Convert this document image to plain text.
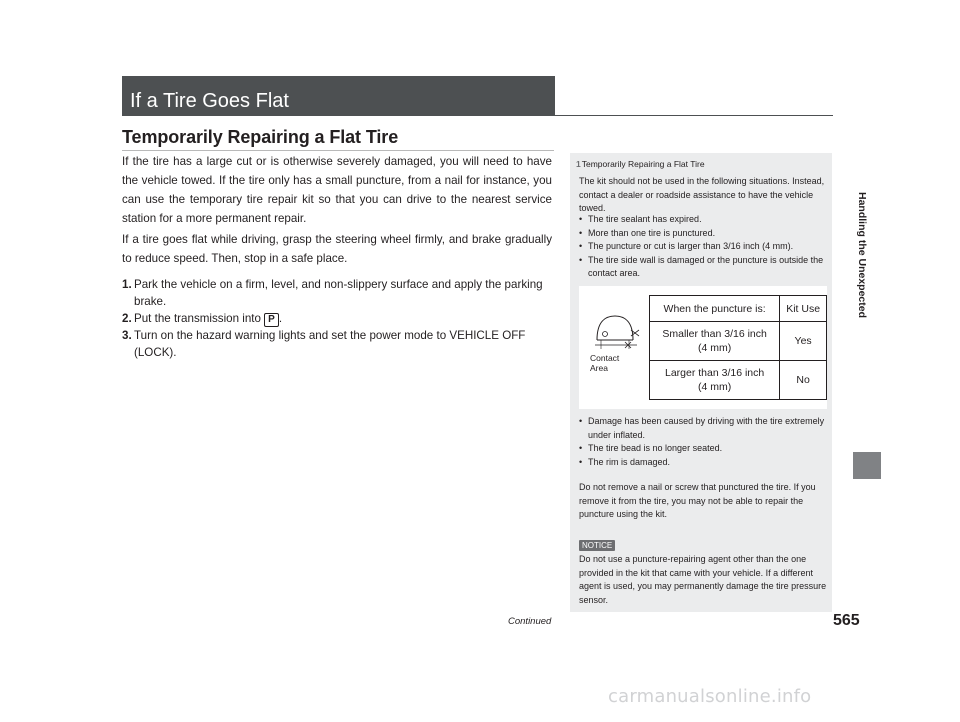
If a Tire Goes Flat
Temporarily Repairing a Flat Tire

If the tire has a large cut or is otherwise severely damaged, you will need to have the vehicle towed. If the tire only has a small puncture, from a nail for instance, you can use the temporary tire repair kit so that you can drive to the nearest service station for a more permanent repair.

If a tire goes flat while driving, grasp the steering wheel firmly, and brake gradually to reduce speed. Then, stop in a safe place.

1. Park the vehicle on a firm, level, and non-slippery surface and apply the parking brake.
2. Put the transmission into P .
3. Turn on the hazard warning lights and set the power mode to VEHICLE OFF (LOCK).
1Temporarily Repairing a Flat Tire

The kit should not be used in the following situations. Instead, contact a dealer or roadside assistance to have the vehicle towed.

• The tire sealant has expired.
• More than one tire is punctured.
• The puncture or cut is larger than 3/16 inch (4 mm).
• The tire side wall is damaged or the puncture is outside the contact area.
Contact
Area
When the puncture is:	Kit Use

Smaller than 3/16 inch
(4 mm)	Yes

Larger than 3/16 inch
(4 mm)	No
• Damage has been caused by driving with the tire extremely under inflated.
• The tire bead is no longer seated.
• The rim is damaged.

Do not remove a nail or screw that punctured the tire. If you remove it from the tire, you may not be able to repair the puncture using the kit.

NOTICE

Do not use a puncture-repairing agent other than the one provided in the kit that came with your vehicle. If a different agent is used, you may permanently damage the tire pressure sensor.

Handling the Unexpected
Continued	565
carmanualsonline.info
